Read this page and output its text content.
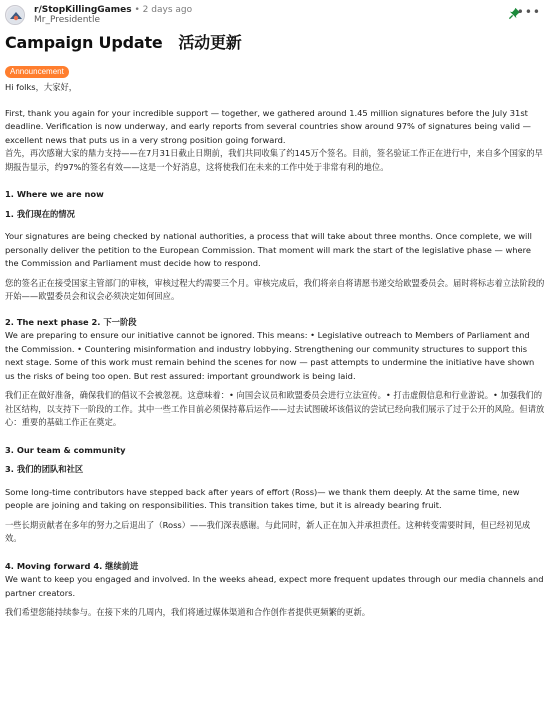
r/StopKillingGames • 2 days ago
Mr_Presidentle
•••
Campaign Update　活动更新
Announcement

Hi folks，大家好，

First, thank you again for your incredible support — together, we gathered around 1.45 million signatures before the July 31st deadline. Verification is now underway, and early reports from several countries show around 97% of signatures being valid — excellent news that puts us in a very strong position going forward.

首先，再次感谢大家的鼎力支持——在7月31日截止日期前，我们共同收集了约145万个签名。目前，签名验证工作正在进行中，来自多个国家的早期报告显示，约97%的签名有效——这是一个好消息，这将使我们在未来的工作中处于非常有利的地位。

1. Where we are now

1. 我们现在的情况

Your signatures are being checked by national authorities, a process that will take about three months. Once complete, we will personally deliver the petition to the European Commission. That moment will mark the start of the legislative phase — where the Commission and Parliament must decide how to respond.

您的签名正在接受国家主管部门的审核，审核过程大约需要三个月。审核完成后，我们将亲自将请愿书递交给欧盟委员会。届时将标志着立法阶段的开始——欧盟委员会和议会必须决定如何回应。

2. The next phase 2. 下一阶段

We are preparing to ensure our initiative cannot be ignored. This means: • Legislative outreach to Members of Parliament and the Commission. • Countering misinformation and industry lobbying. Strengthening our community structures to support this next stage. Some of this work must remain behind the scenes for now — past attempts to undermine the initiative have shown us the risks of being too open. But rest assured: important groundwork is being laid.

我们正在做好准备，确保我们的倡议不会被忽视。这意味着：• 向国会议员和欧盟委员会进行立法宣传。• 打击虚假信息和行业游说。• 加强我们的社区结构，以支持下一阶段的工作。其中一些工作目前必须保持幕后运作——过去试图破坏该倡议的尝试已经向我们展示了过于公开的风险。但请放心：重要的基础工作正在奠定。

3. Our team & community

3. 我们的团队和社区

Some long-time contributors have stepped back after years of effort (Ross)— we thank them deeply. At the same time, new people are joining and taking on responsibilities. This transition takes time, but it is already bearing fruit.

一些长期贡献者在多年的努力之后退出了（Ross）——我们深表感谢。与此同时，新人正在加入并承担责任。这种转变需要时间，但已经初见成效。

4. Moving forward 4. 继续前进

We want to keep you engaged and involved. In the weeks ahead, expect more frequent updates through our media channels and partner creators.

我们希望您能持续参与。在接下来的几周内，我们将通过媒体渠道和合作创作者提供更频繁的更新。
